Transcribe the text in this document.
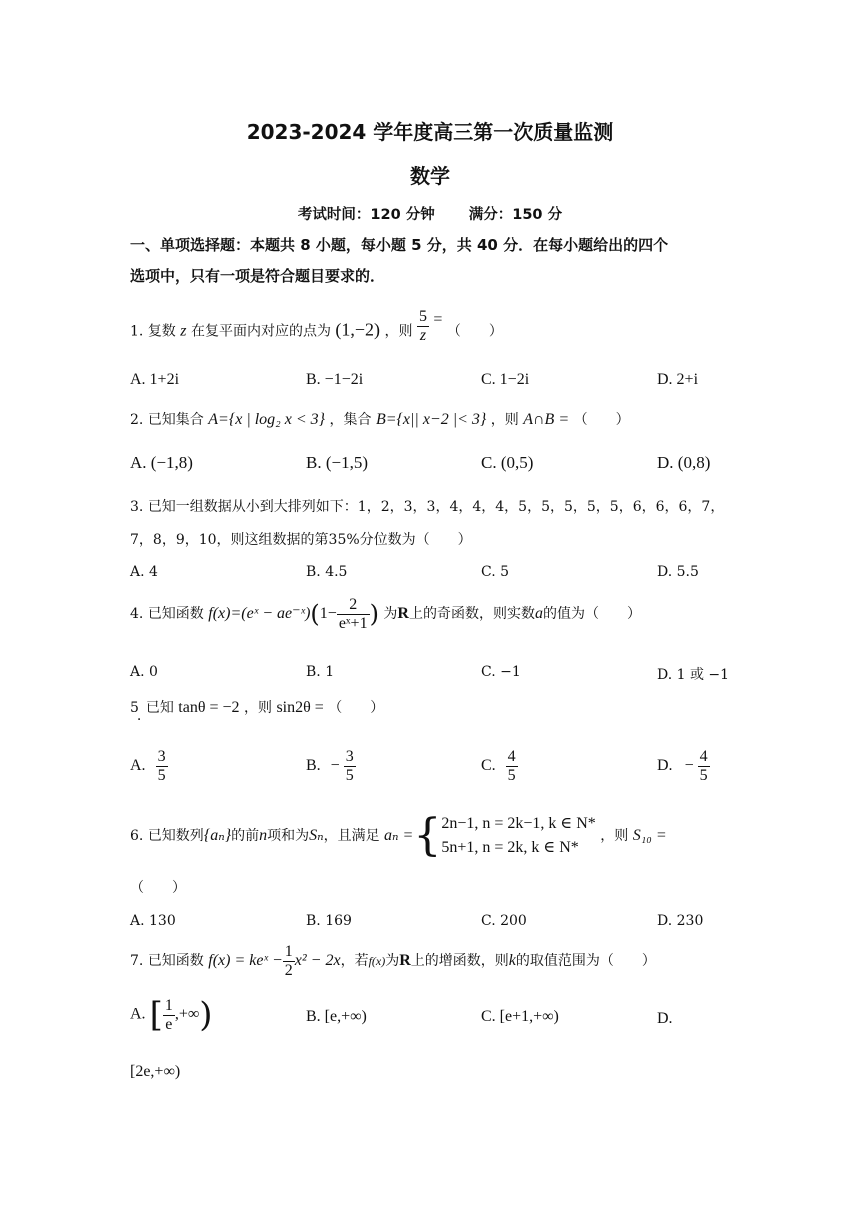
2023-2024 学年度高三第一次质量监测
数学
考试时间：120 分钟 满分：150 分
一、单项选择题：本题共 8 小题，每小题 5 分，共 40 分．在每小题给出的四个
选项中，只有一项是符合题目要求的．
1. 复数 z 在复平面内对应的点为 (1,−2) ，则 $\frac{5}{z}$ = （　　）
A. 1+2i	B. −1−2i	C. 1−2i	D. 2+i
2. 已知集合 A={x | log₂ x < 3} ，集合 B={x|| x−2 |< 3} ，则 A∩B = （　　）
A. (−1,8)	B. (−1,5)	C. (0,5)	D. (0,8)
3. 已知一组数据从小到大排列如下：1，2，3，3，4，4，4，5，5，5，5，5，6，6，6，7，
7，8，9，10，则这组数据的第35%分位数为（　　）
A. 4	B. 4.5	C. 5	D. 5.5
4. 已知函数 f(x)=(eˣ − ae⁻ˣ)(1− $\frac{2}{\text{eˣ+1}}$ ) 为R上的奇函数，则实数a的值为（　　）
A. 0	B. 1	C. −1	D. 1 或 −1
5. 已知 tanθ = −2 ，则 sin2θ = （　　）
A. $\frac{3}{5}$	B. − $\frac{3}{5}$	C. $\frac{4}{5}$	D. − $\frac{4}{5}$
6. 已知数列{aₙ}的前n项和为Sₙ，且满足 aₙ ={ 2n−1, n = 2k−1, k ∈ N*
5n+1, n = 2k, k ∈ N*
，则 S₁₀ =
（　　）
A. 130	B. 169	C. 200	D. 230
7. 已知函数 f(x) = keˣ − $\frac{1}{2} x^2 - 2x$，若f(x)为R上的增函数，则k的取值范围为（　　）
A. [ $\frac{1}{e}$ ,+∞)	B. [e,+∞)	C. [e+1,+∞)	D.
[2e,+∞)
